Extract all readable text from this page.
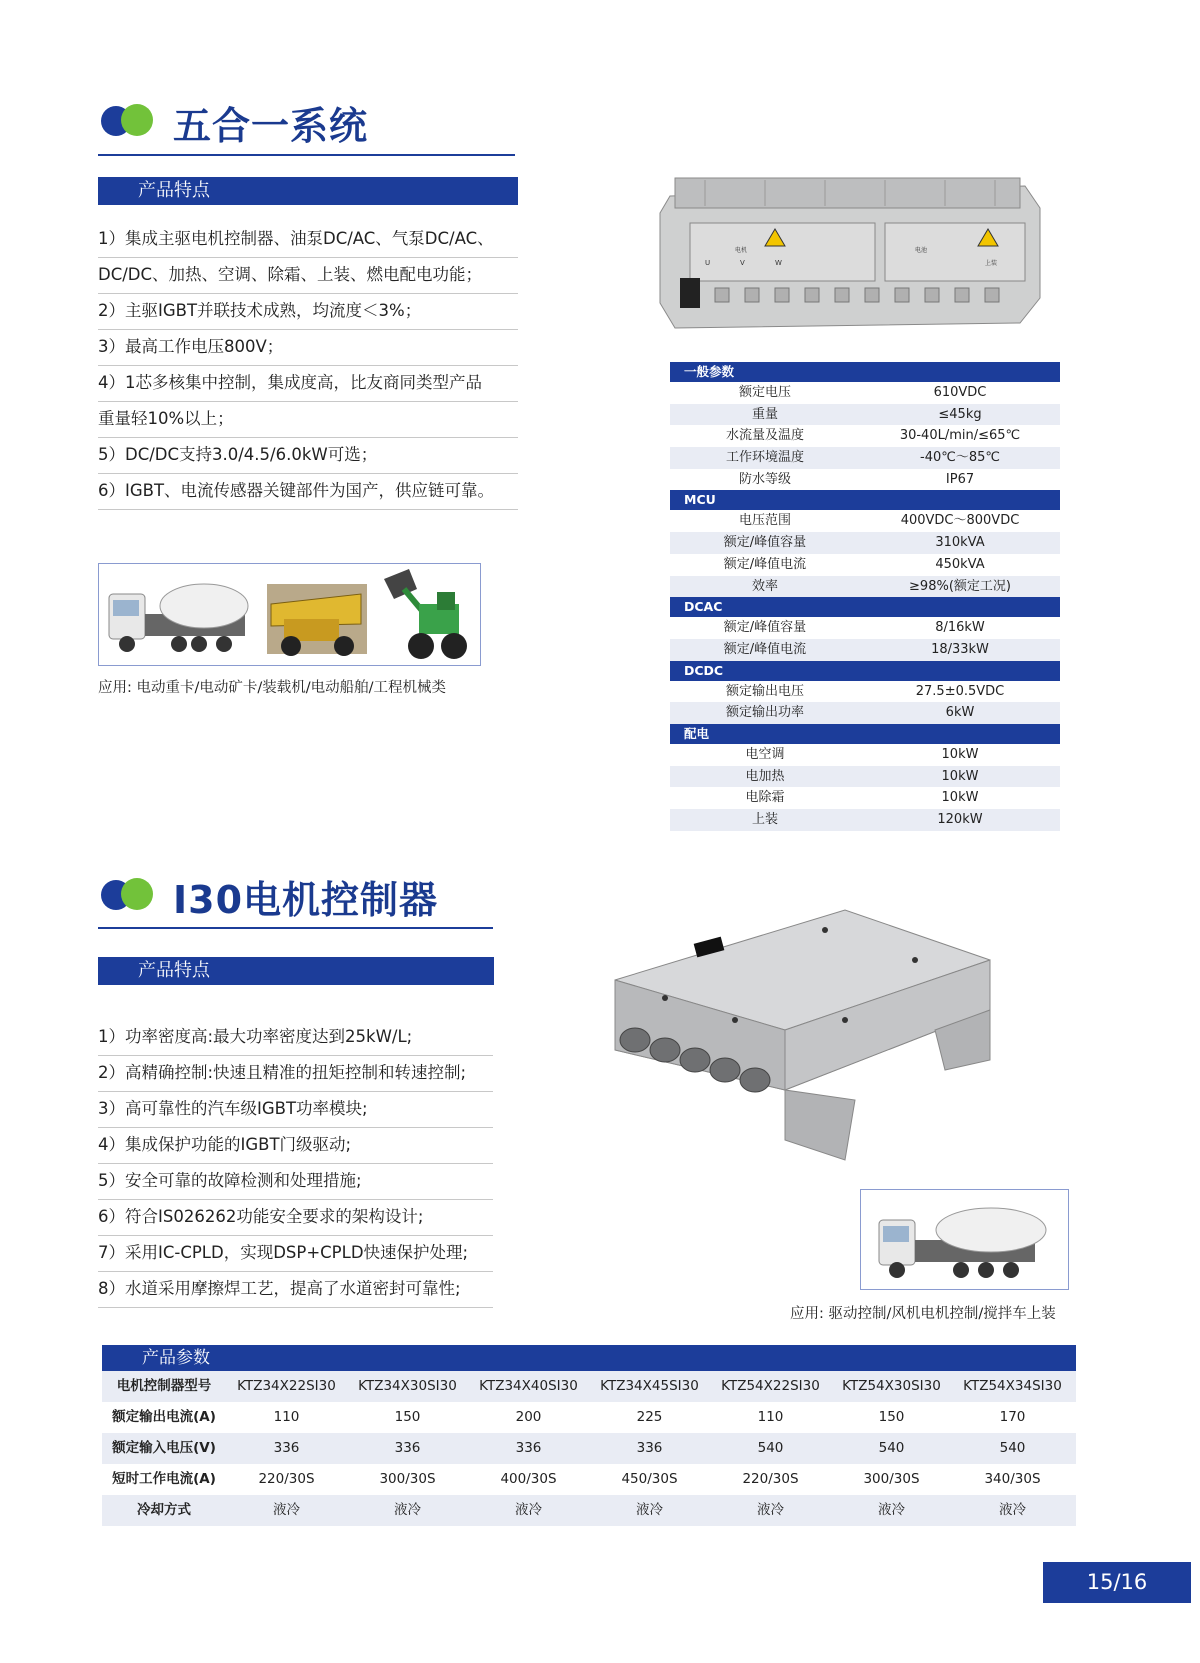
五合一系统
产品特点
1）集成主驱电机控制器、油泵DC/AC、气泵DC/AC、
DC/DC、加热、空调、除霜、上装、燃电配电功能；
2）主驱IGBT并联技术成熟，均流度＜3%；
3）最高工作电压800V；
4）1芯多核集中控制，集成度高，比友商同类型产品
重量轻10%以上；
5）DC/DC支持3.0/4.5/6.0kW可选；
6）IGBT、电流传感器关键部件为国产，供应链可靠。
应用: 电动重卡/电动矿卡/装载机/电动船舶/工程机械类
电机
U	V	W
电池
上装
一般参数
额定电压	610VDC
重量	≤45kg
水流量及温度	30-40L/min/≤65℃
工作环境温度	-40℃～85℃
防水等级	IP67
MCU
电压范围	400VDC～800VDC
额定/峰值容量	310kVA
额定/峰值电流	450kVA
效率	≥98%(额定工况)
DCAC
额定/峰值容量	8/16kW
额定/峰值电流	18/33kW
DCDC
额定输出电压	27.5±0.5VDC
额定输出功率	6kW
配电
电空调	10kW
电加热	10kW
电除霜	10kW
上装	120kW
I30电机控制器
产品特点
1）功率密度高:最大功率密度达到25kW/L;
2）高精确控制:快速且精准的扭矩控制和转速控制;
3）高可靠性的汽车级IGBT功率模块;
4）集成保护功能的IGBT门级驱动;
5）安全可靠的故障检测和处理措施;
6）符合IS026262功能安全要求的架构设计;
7）采用IC-CPLD，实现DSP+CPLD快速保护处理;
8）水道采用摩擦焊工艺，提高了水道密封可靠性;
应用: 驱动控制/风机电机控制/搅拌车上装
产品参数
电机控制器型号	KTZ34X22SI30	KTZ34X30SI30	KTZ34X40SI30	KTZ34X45SI30	KTZ54X22SI30	KTZ54X30SI30	KTZ54X34SI30
额定输出电流(A)	110	150	200	225	110	150	170
额定输入电压(V)	336	336	336	336	540	540	540
短时工作电流(A)	220/30S	300/30S	400/30S	450/30S	220/30S	300/30S	340/30S
冷却方式	液冷	液冷	液冷	液冷	液冷	液冷	液冷
15/16
